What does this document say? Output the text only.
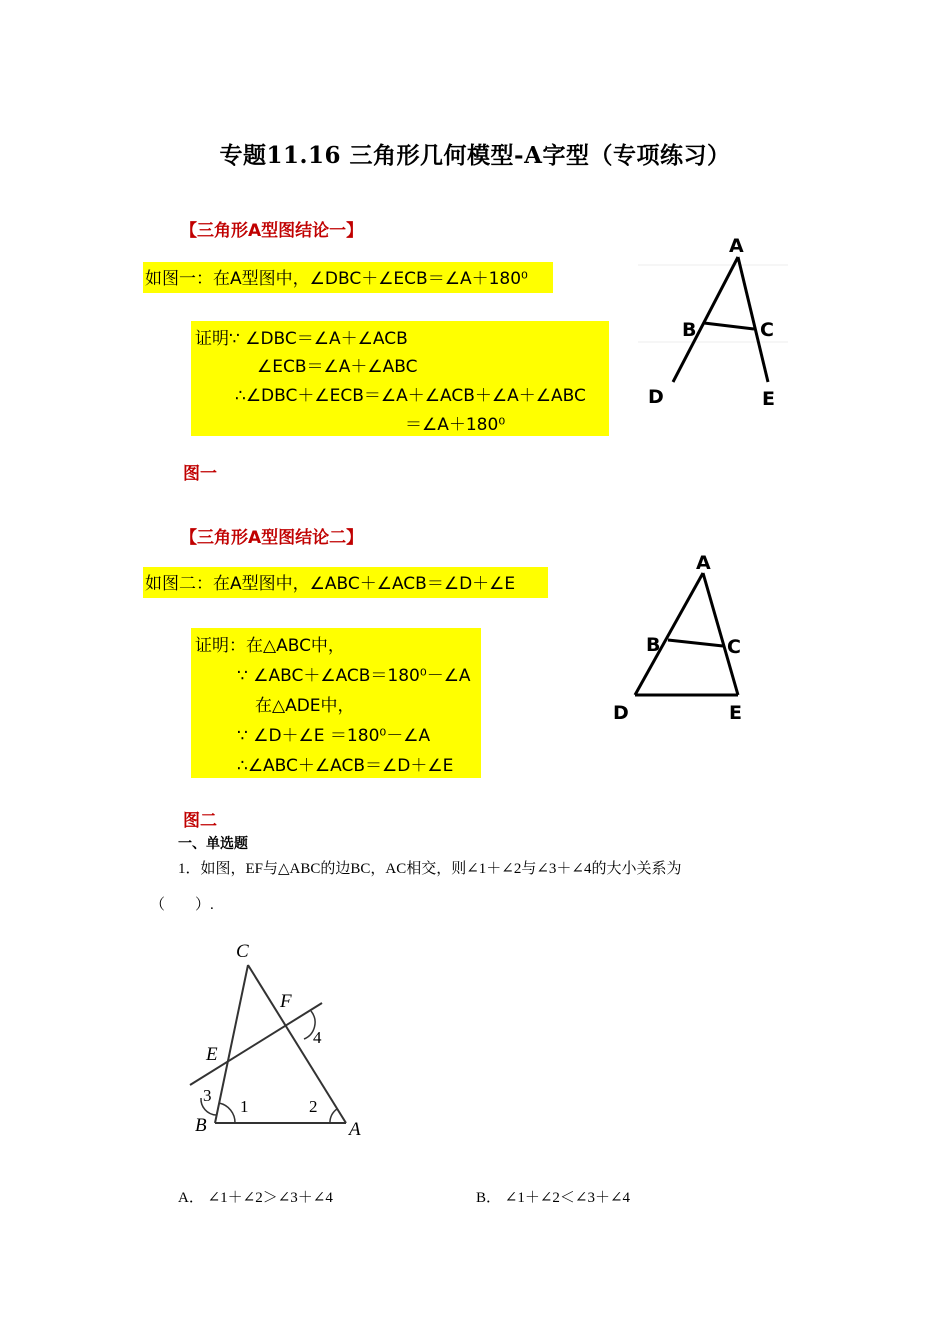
专题11.16 三角形几何模型-A字型（专项练习）
【三角形A型图结论一】
如图一：在A型图中，∠DBC＋∠ECB＝∠A＋180⁰
证明∵ ∠DBC＝∠A＋∠ACB
∠ECB＝∠A＋∠ABC
∴∠DBC＋∠ECB＝∠A＋∠ACB＋∠A＋∠ABC
＝∠A＋180⁰
A
B	C
D	E
图一
【三角形A型图结论二】
如图二：在A型图中，∠ABC＋∠ACB＝∠D＋∠E
证明：在△ABC中，
∵ ∠ABC＋∠ACB＝180⁰－∠A
在△ADE中，
∵ ∠D＋∠E ＝180⁰－∠A
∴∠ABC＋∠ACB＝∠D＋∠E
A
B	C
D	E
图二
一、单选题
1．如图，EF与△ABC的边BC，AC相交，则∠1＋∠2与∠3＋∠4的大小关系为
（　　）.
C
F
4
E
3
1	2
B	A
A． ∠1＋∠2＞∠3＋∠4	B． ∠1＋∠2＜∠3＋∠4
